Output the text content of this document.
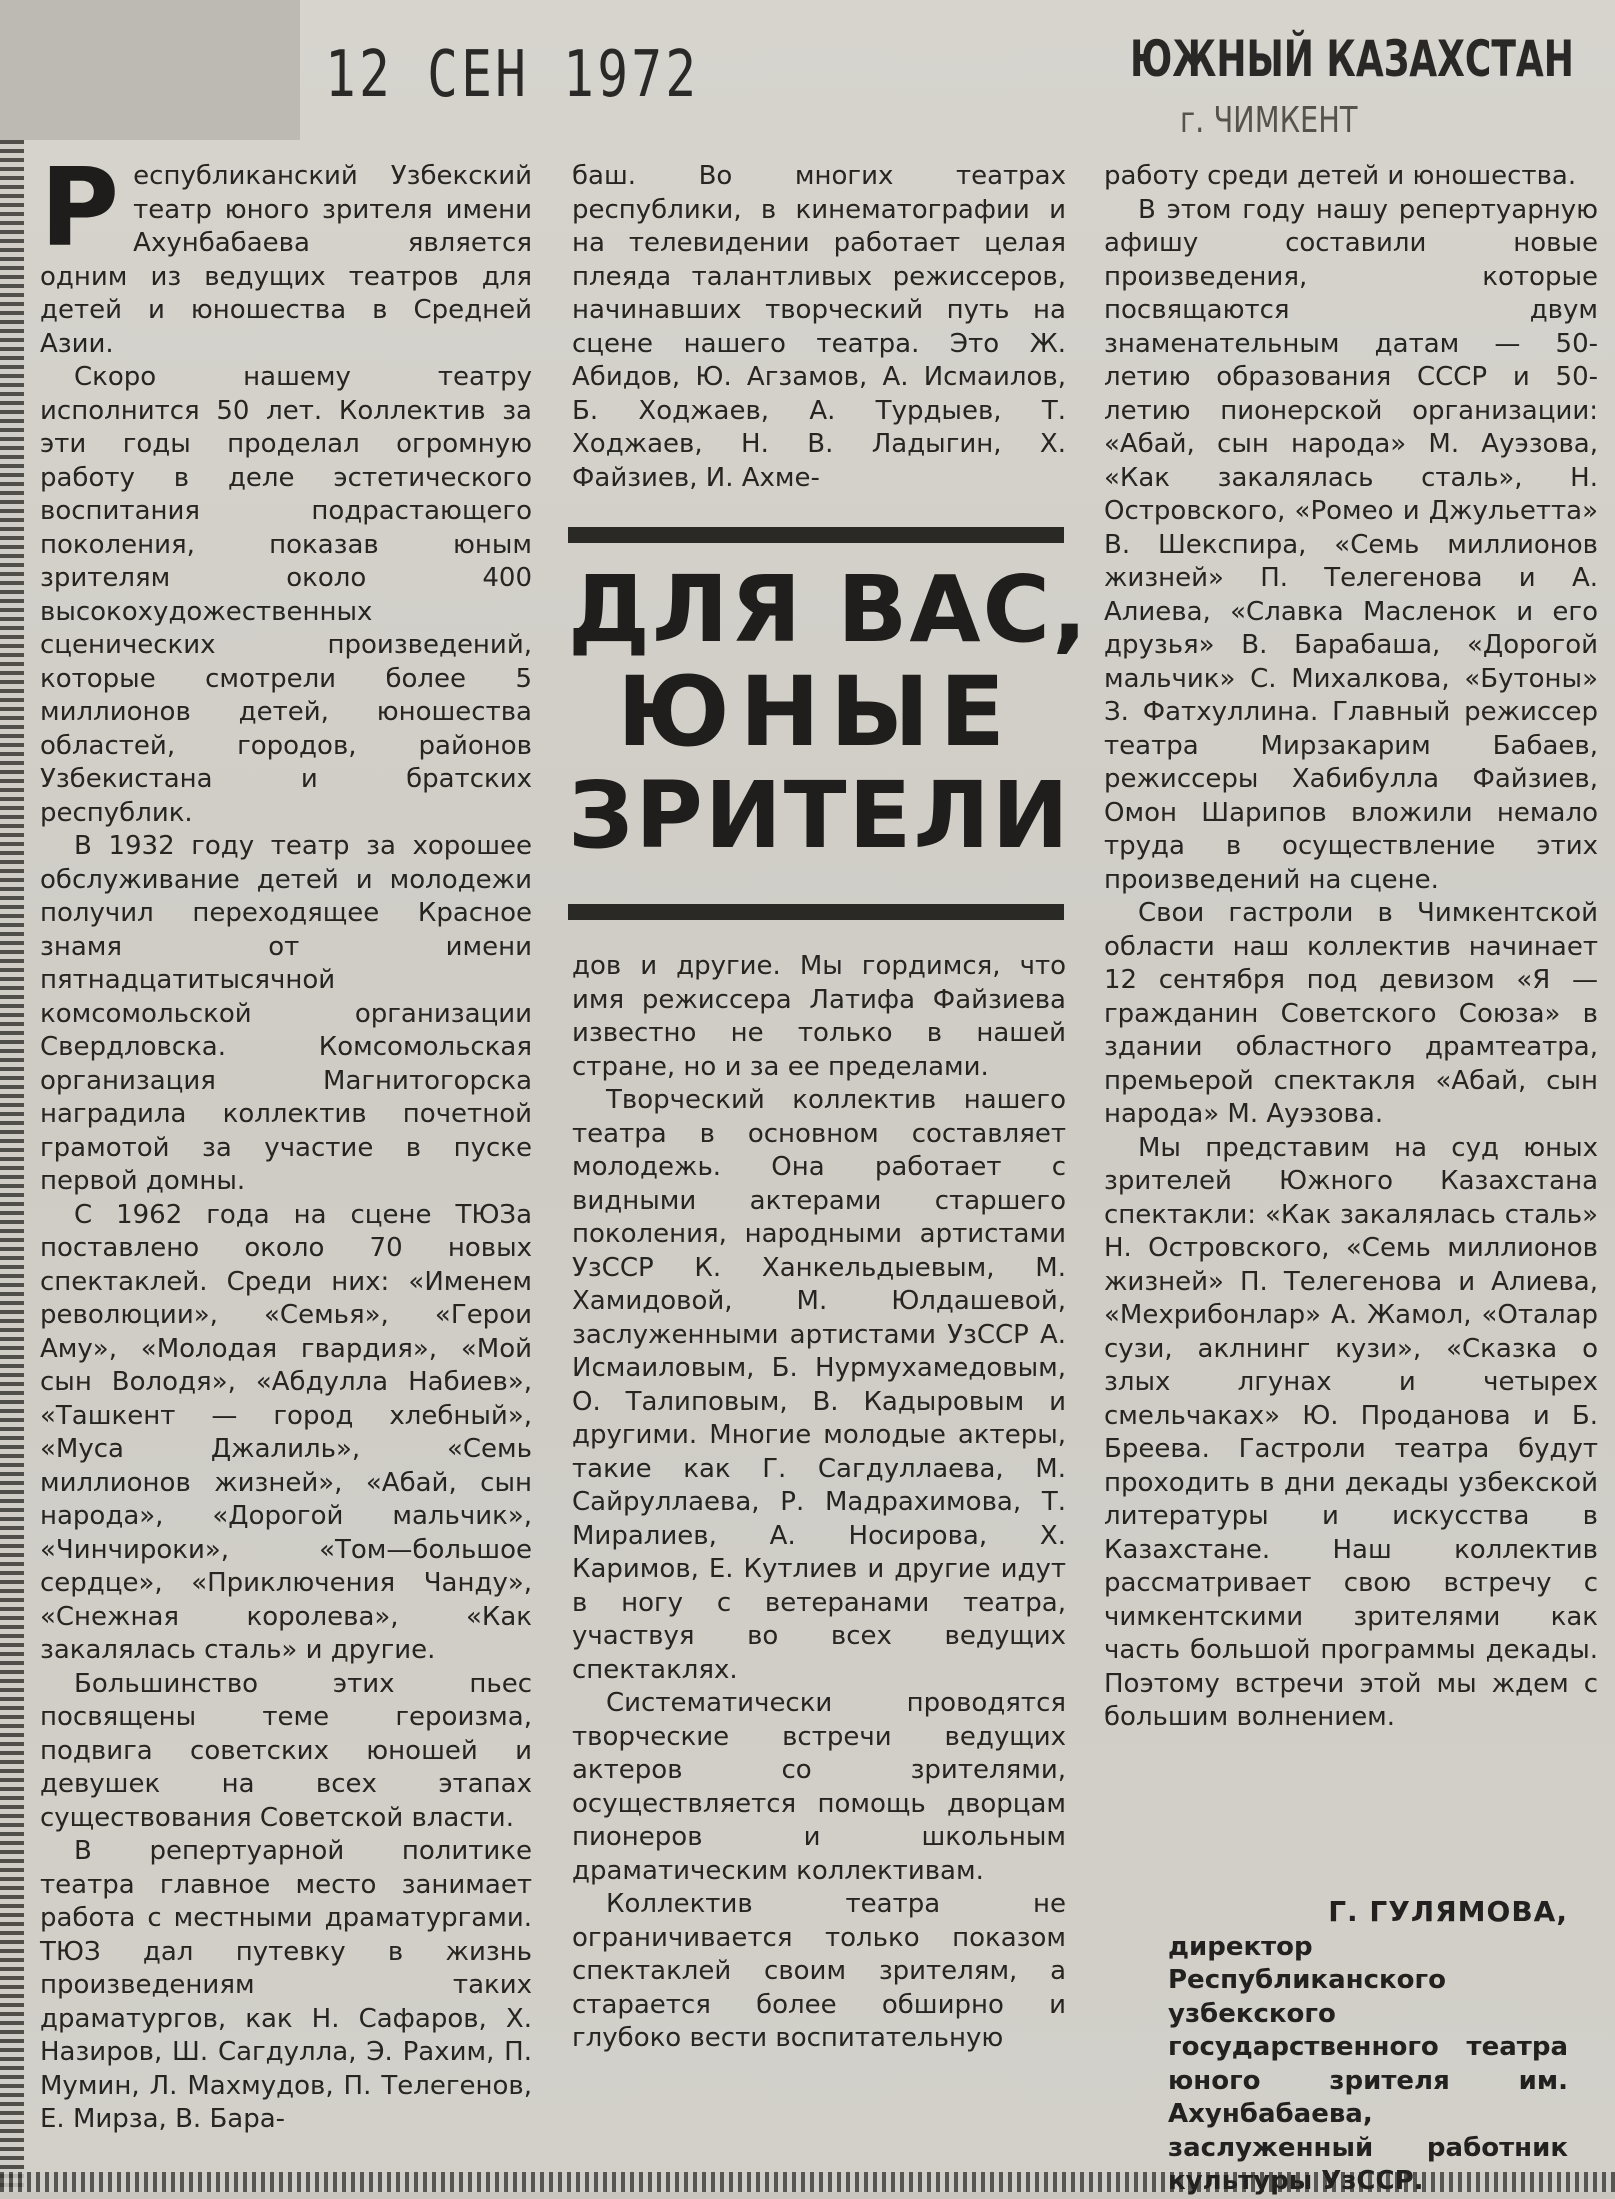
12 СЕН 1972	ЮЖНЫЙ КАЗАХСТАН
г. ЧИМКЕНТ

Республиканский Узбекский театр юного зрителя имени Ахунбабаева является одним из ведущих театров для детей и юношества в Средней Азии.

Скоро нашему театру исполнится 50 лет. Коллектив за эти годы проделал огромную работу в деле эстетического воспитания подрастающего поколения, показав юным зрителям около 400 высокохудожественных сценических произведений, которые смотрели более 5 миллионов детей, юношества областей, городов, районов Узбекистана и братских республик.

В 1932 году театр за хорошее обслуживание детей и молодежи получил переходящее Красное знамя от имени пятнадцатитысячной комсомольской организации Свердловска. Комсомольская организация Магнитогорска наградила коллектив почетной грамотой за участие в пуске первой домны.

С 1962 года на сцене ТЮЗа поставлено около 70 новых спектаклей. Среди них: «Именем революции», «Семья», «Герои Аму», «Молодая гвардия», «Мой сын Володя», «Абдулла Набиев», «Ташкент — город хлебный», «Муса Джалиль», «Семь миллионов жизней», «Абай, сын народа», «Дорогой мальчик», «Чинчироки», «Том—большое сердце», «Приключения Чанду», «Снежная королева», «Как закалялась сталь» и другие.

Большинство этих пьес посвящены теме героизма, подвига советских юношей и девушек на всех этапах существования Советской власти.

В репертуарной политике театра главное место занимает работа с местными драматургами. ТЮЗ дал путевку в жизнь произведениям таких драматургов, как Н. Сафаров, Х. Назиров, Ш. Сагдулла, Э. Рахим, П. Мумин, Л. Махмудов, П. Телегенов, Е. Мирза, В. Бара-

баш. Во многих театрах республики, в кинематографии и на телевидении работает целая плеяда талантливых режиссеров, начинавших творческий путь на сцене нашего театра. Это Ж. Абидов, Ю. Агзамов, А. Исмаилов, Б. Ходжаев, А. Турдыев, Т. Ходжаев, Н. В. Ладыгин, Х. Файзиев, И. Ахме-

ДЛЯ ВАС,
ЮНЫЕ
ЗРИТЕЛИ

дов и другие. Мы гордимся, что имя режиссера Латифа Файзиева известно не только в нашей стране, но и за ее пределами.

Творческий коллектив нашего театра в основном составляет молодежь. Она работает с видными актерами старшего поколения, народными артистами УзССР К. Ханкельдыевым, М. Хамидовой, М. Юлдашевой, заслуженными артистами УзССР А. Исмаиловым, Б. Нурмухамедовым, О. Талиповым, В. Кадыровым и другими. Многие молодые актеры, такие как Г. Сагдуллаева, М. Сайруллаева, Р. Мадрахимова, Т. Миралиев, А. Носирова, Х. Каримов, Е. Кутлиев и другие идут в ногу с ветеранами театра, участвуя во всех ведущих спектаклях.

Систематически проводятся творческие встречи ведущих актеров со зрителями, осуществляется помощь дворцам пионеров и школьным драматическим коллективам.

Коллектив театра не ограничивается только показом спектаклей своим зрителям, а старается более обширно и глубоко вести воспитательную

работу среди детей и юношества.

В этом году нашу репертуарную афишу составили новые произведения, которые посвящаются двум знаменательным датам — 50-летию образования СССР и 50-летию пионерской организации: «Абай, сын народа» М. Ауэзова, «Как закалялась сталь», Н. Островского, «Ромео и Джульетта» В. Шекспира, «Семь миллионов жизней» П. Телегенова и А. Алиева, «Славка Масленок и его друзья» В. Барабаша, «Дорогой мальчик» С. Михалкова, «Бутоны» З. Фатхуллина. Главный режиссер театра Мирзакарим Бабаев, режиссеры Хабибулла Файзиев, Омон Шарипов вложили немало труда в осуществление этих произведений на сцене.

Свои гастроли в Чимкентской области наш коллектив начинает 12 сентября под девизом «Я — гражданин Советского Союза» в здании областного драмтеатра, премьерой спектакля «Абай, сын народа» М. Ауэзова.

Мы представим на суд юных зрителей Южного Казахстана спектакли: «Как закалялась сталь» Н. Островского, «Семь миллионов жизней» П. Телегенова и Алиева, «Мехрибонлар» А. Жамол, «Оталар сузи, аклнинг кузи», «Сказка о злых лгунах и четырех смельчаках» Ю. Проданова и Б. Бреева. Гастроли театра будут проходить в дни декады узбекской литературы и искусства в Казахстане. Наш коллектив рассматривает свою встречу с чимкентскими зрителями как часть большой программы декады. Поэтому встречи этой мы ждем с большим волнением.

Г. ГУЛЯМОВА,
директор Республиканского узбекского государственного театра юного зрителя им. Ахунбабаева, заслуженный работник культуры УзССР.
